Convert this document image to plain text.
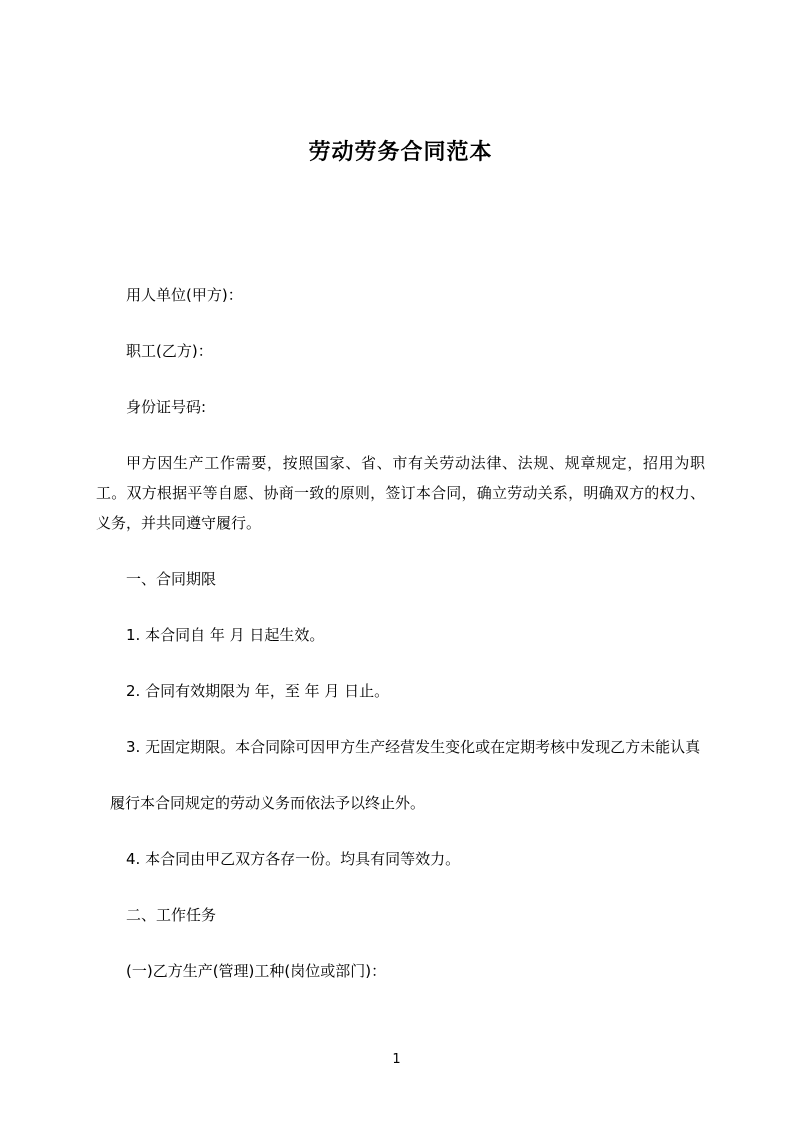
劳动劳务合同范本

用人单位(甲方)：

职工(乙方)：

身份证号码:

甲方因生产工作需要，按照国家、省、市有关劳动法律、法规、规章规定，招用为职工。双方根据平等自愿、协商一致的原则，签订本合同，确立劳动关系，明确双方的权力、义务，并共同遵守履行。

一、合同期限

1. 本合同自 年 月 日起生效。

2. 合同有效期限为 年，至 年 月 日止。

3. 无固定期限。本合同除可因甲方生产经营发生变化或在定期考核中发现乙方未能认真

履行本合同规定的劳动义务而依法予以终止外。

4. 本合同由甲乙双方各存一份。均具有同等效力。

二、工作任务

(一)乙方生产(管理)工种(岗位或部门)：

1
